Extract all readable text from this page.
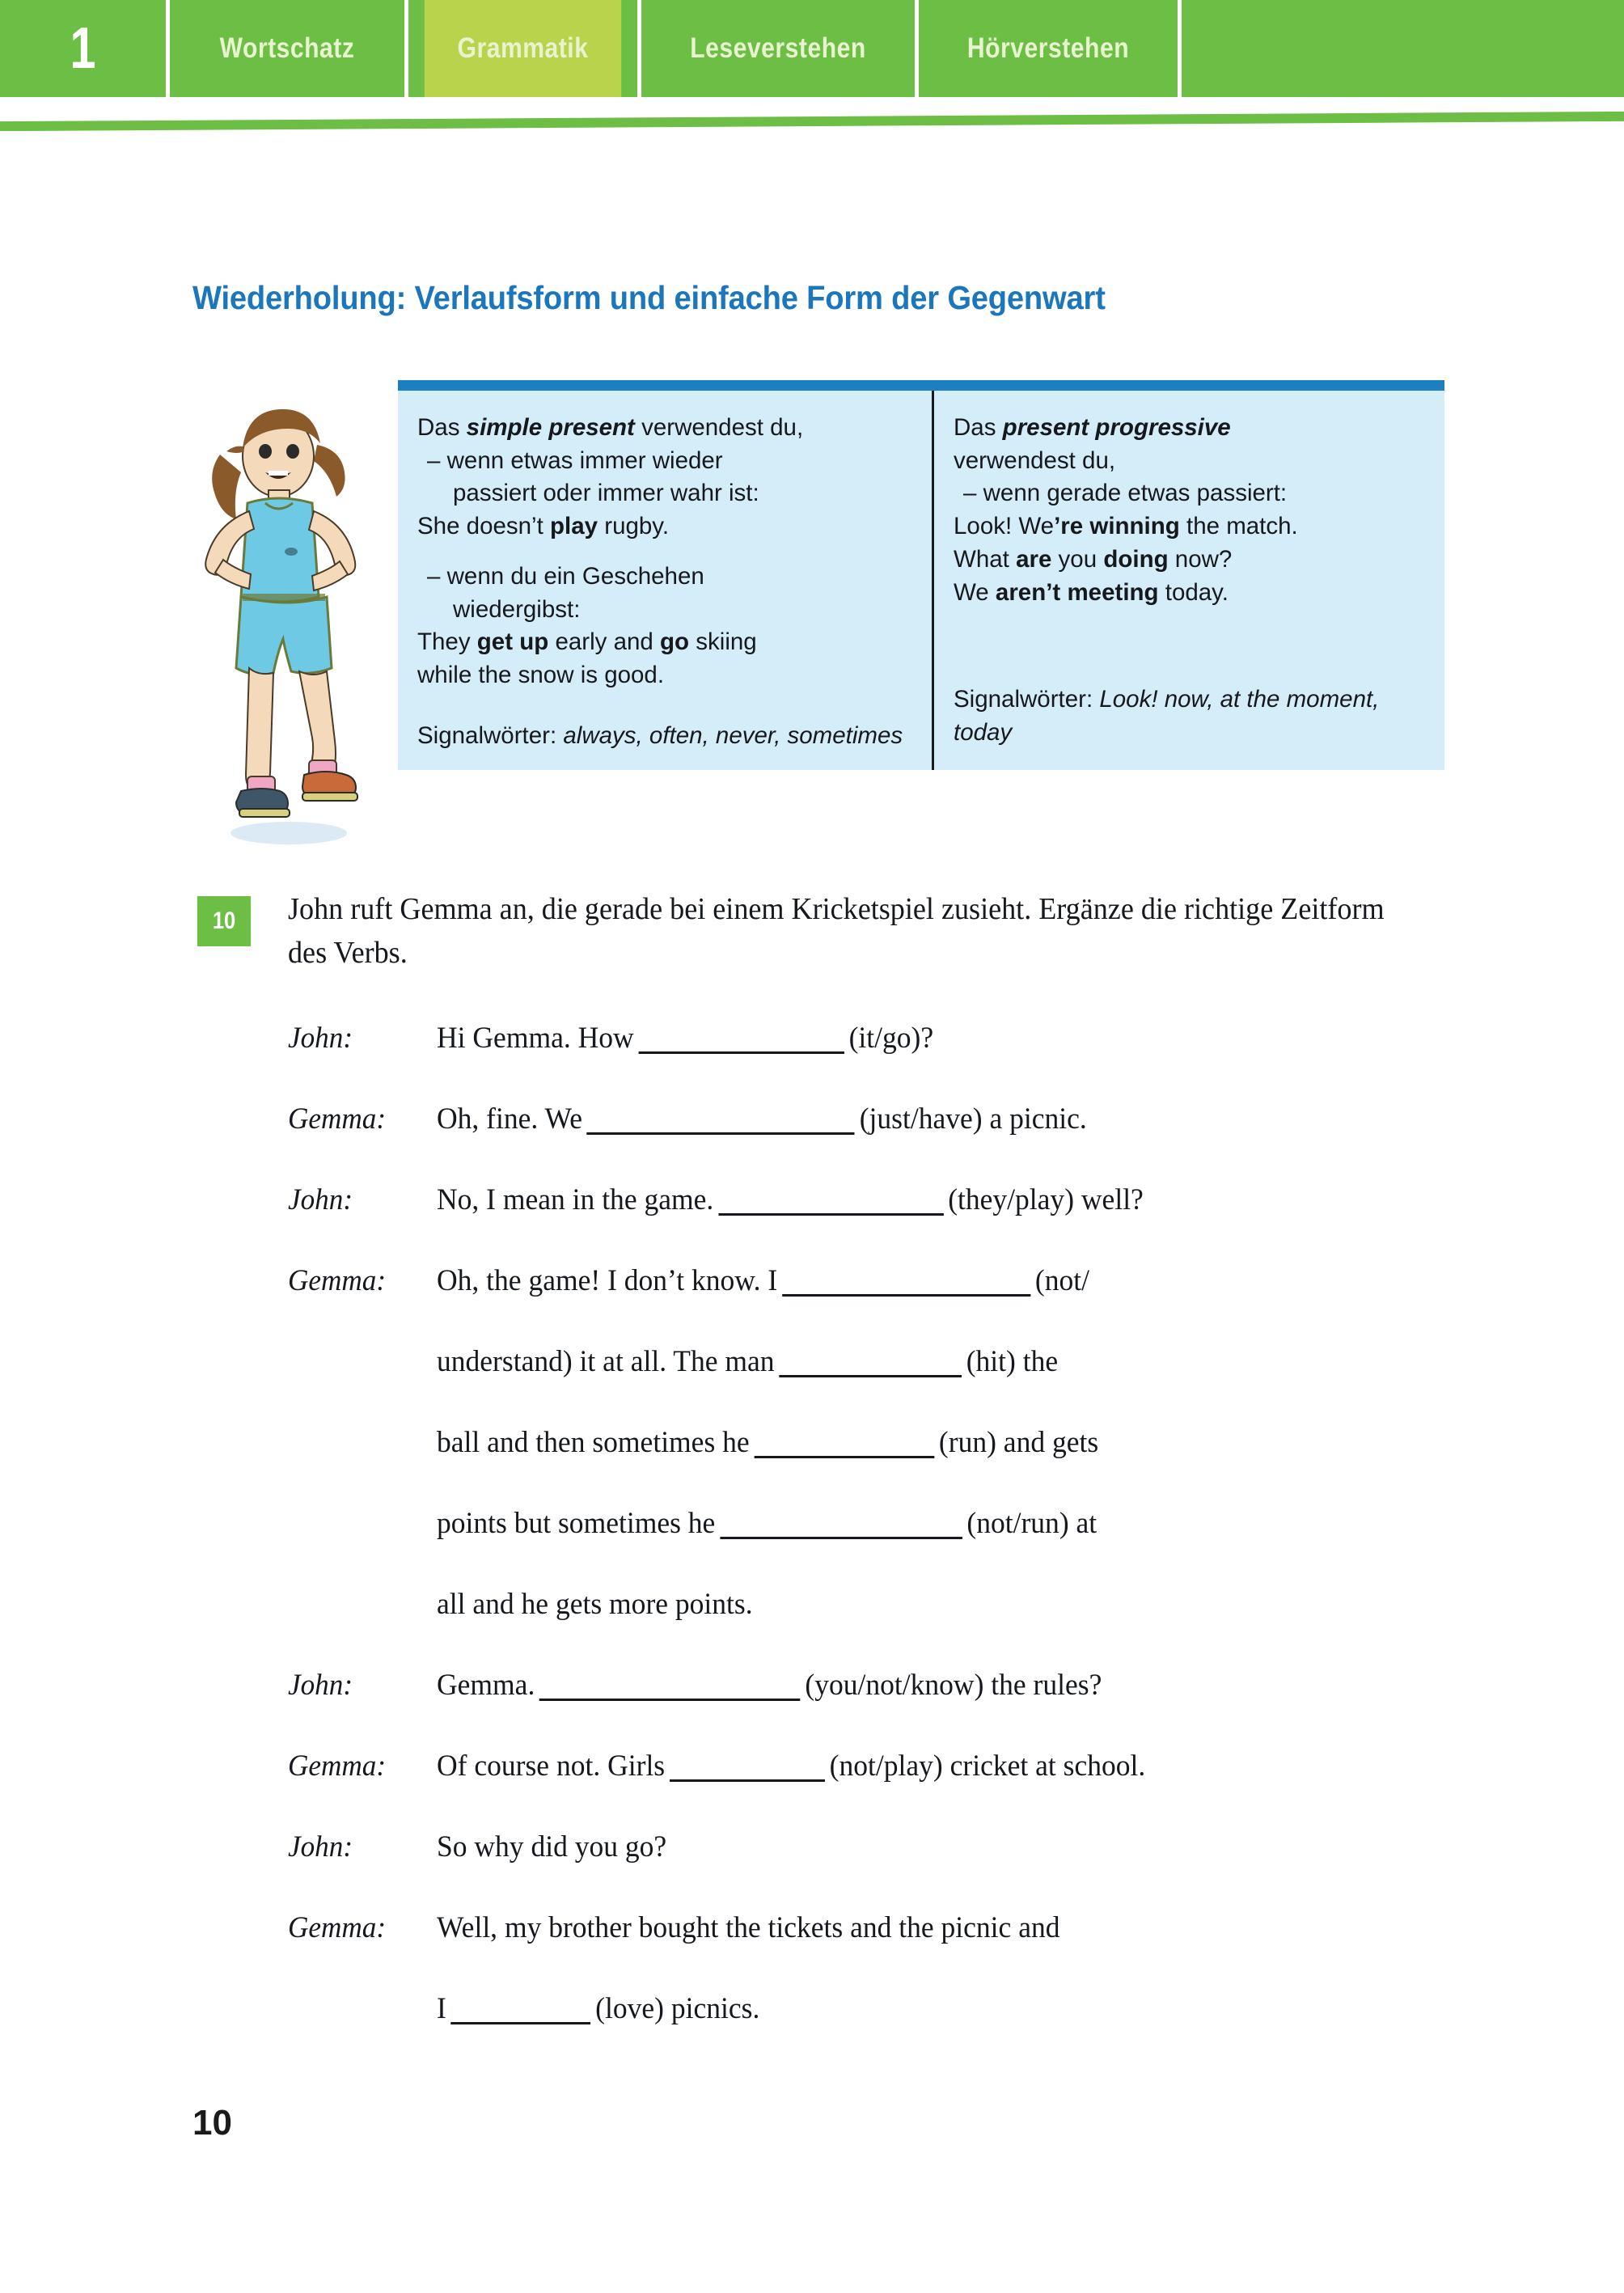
1	Wortschatz	Grammatik	Leseverstehen	Hörverstehen
Wiederholung: Verlaufsform und einfache Form der Gegenwart

Das simple present verwendest du,

– wenn etwas immer wieder

passiert oder immer wahr ist:

She doesn’t play rugby.

– wenn du ein Geschehen

wiedergibst:

They get up early and go skiing

while the snow is good.

Signalwörter: always, often, never, sometimes

Das present progressive

verwendest du,

– wenn gerade etwas passiert:

Look! We’re winning the match.

What are you doing now?

We aren’t meeting today.

Signalwörter: Look! now, at the moment, today

10	John ruft Gemma an, die gerade bei einem Kricketspiel zusieht. Ergänze die richtige Zeitform des Verbs.

John:	Hi Gemma. How	(it/go)?
Gemma:	Oh, fine. We	(just/have) a picnic.
John:	No, I mean in the game.	(they/play) well?
Gemma:	Oh, the game! I don’t know. I	(not/
understand) it at all. The man	(hit) the
ball and then sometimes he	(run) and gets
points but sometimes he	(not/run) at
all and he gets more points.
John:	Gemma.	(you/not/know) the rules?
Gemma:	Of course not. Girls	(not/play) cricket at school.
John:	So why did you go?
Gemma:	Well, my brother bought the tickets and the picnic and
I	(love) picnics.
10
